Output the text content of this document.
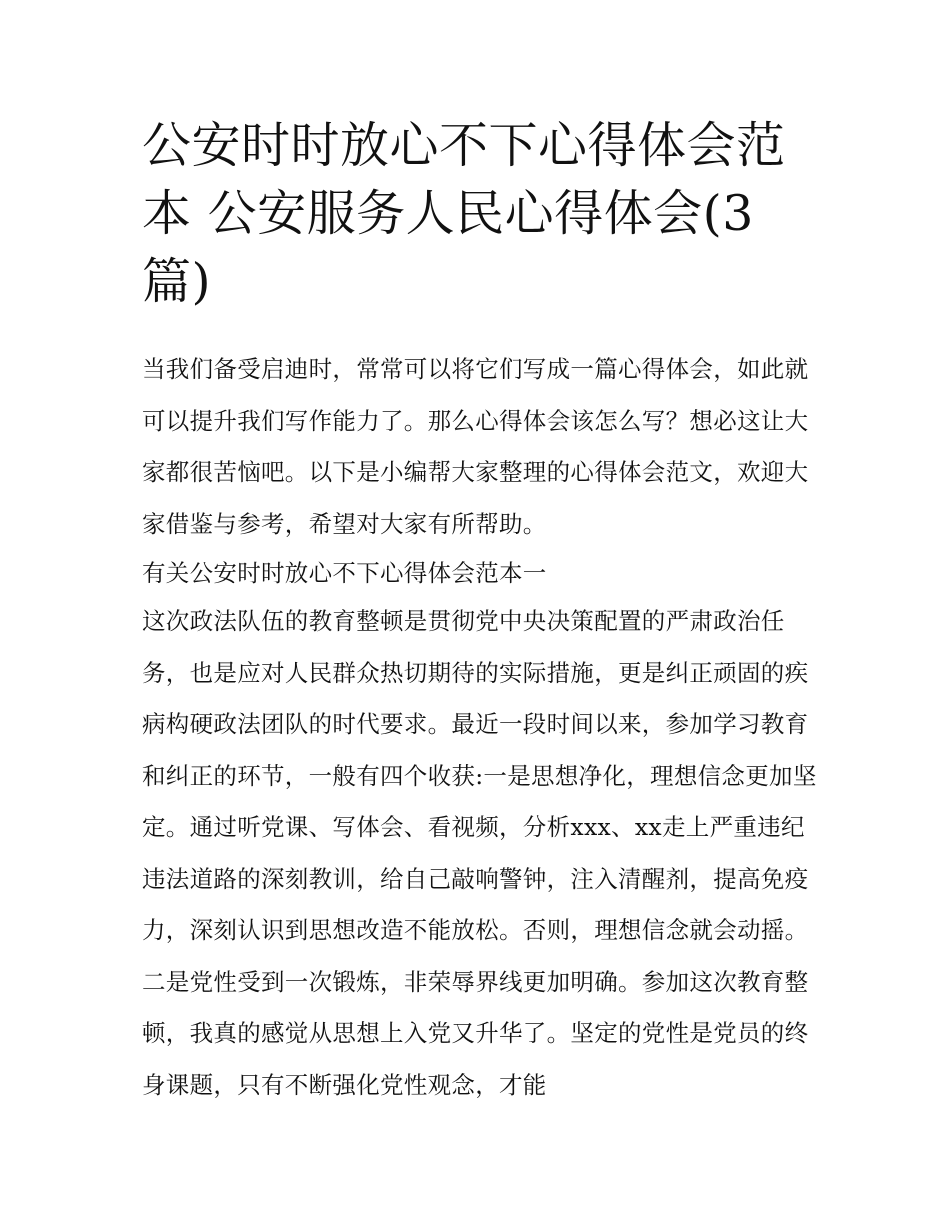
公安时时放心不下心得体会范本 公安服务人民心得体会(3篇)

当我们备受启迪时，常常可以将它们写成一篇心得体会，如此就可以提升我们写作能力了。那么心得体会该怎么写？想必这让大家都很苦恼吧。以下是小编帮大家整理的心得体会范文，欢迎大家借鉴与参考，希望对大家有所帮助。

有关公安时时放心不下心得体会范本一

这次政法队伍的教育整顿是贯彻党中央决策配置的严肃政治任务，也是应对人民群众热切期待的实际措施，更是纠正顽固的疾病构硬政法团队的时代要求。最近一段时间以来，参加学习教育和纠正的环节，一般有四个收获:一是思想净化，理想信念更加坚定。通过听党课、写体会、看视频，分析xxx、xx走上严重违纪违法道路的深刻教训，给自己敲响警钟，注入清醒剂，提高免疫力，深刻认识到思想改造不能放松。否则，理想信念就会动摇。二是党性受到一次锻炼，非荣辱界线更加明确。参加这次教育整顿，我真的感觉从思想上入党又升华了。坚定的党性是党员的终身课题，只有不断强化党性观念，才能
